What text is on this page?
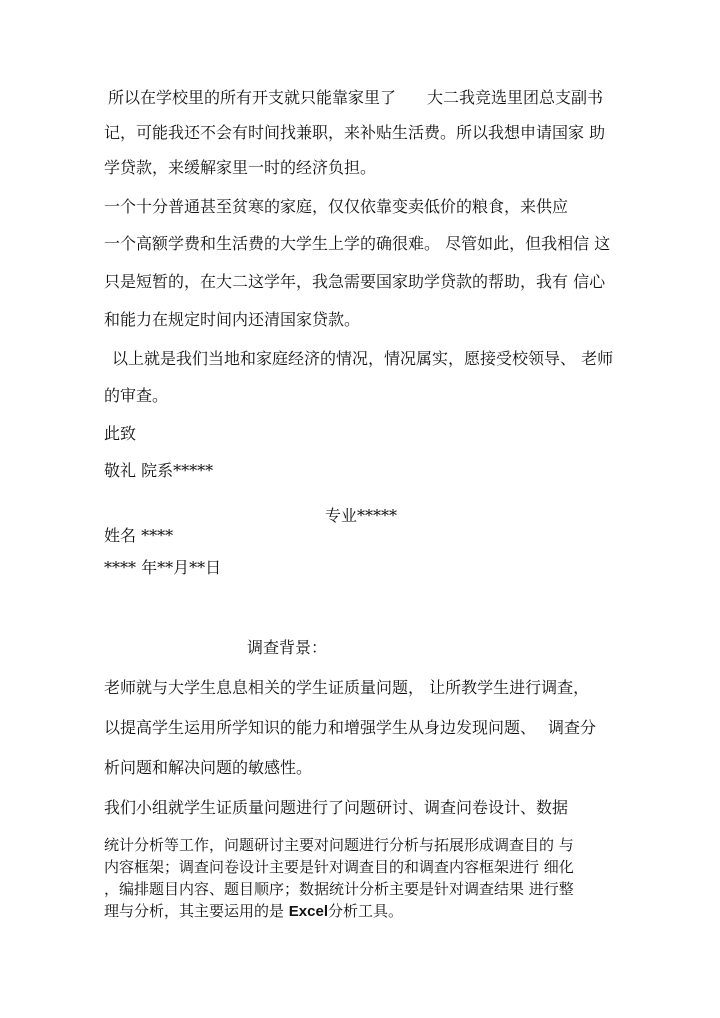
所以在学校里的所有开支就只能靠家里了 大二我竞选里团总支副书
记，可能我还不会有时间找兼职，来补贴生活费。所以我想申请国家 助
学贷款，来缓解家里一时的经济负担。
一个十分普通甚至贫寒的家庭，仅仅依靠变卖低价的粮食，来供应
一个高额学费和生活费的大学生上学的确很难。 尽管如此，但我相信 这
只是短暂的，在大二这学年，我急需要国家助学贷款的帮助，我有 信心
和能力在规定时间内还清国家贷款。
以上就是我们当地和家庭经济的情况，情况属实，愿接受校领导、 老师
的审查。
此致
敬礼 院系*****
专业*****
姓名 ****
**** 年**月**日
调查背景：
老师就与大学生息息相关的学生证质量问题， 让所教学生进行调查，
以提高学生运用所学知识的能力和增强学生从身边发现问题、 调查分
析问题和解决问题的敏感性。
我们小组就学生证质量问题进行了问题研讨、调查问卷设计、数据
统计分析等工作，问题研讨主要对问题进行分析与拓展形成调查目的 与
内容框架；调查问卷设计主要是针对调查目的和调查内容框架进行 细化
，编排题目内容、题目顺序；数据统计分析主要是针对调查结果 进行整
理与分析，其主要运用的是 Excel分析工具。
